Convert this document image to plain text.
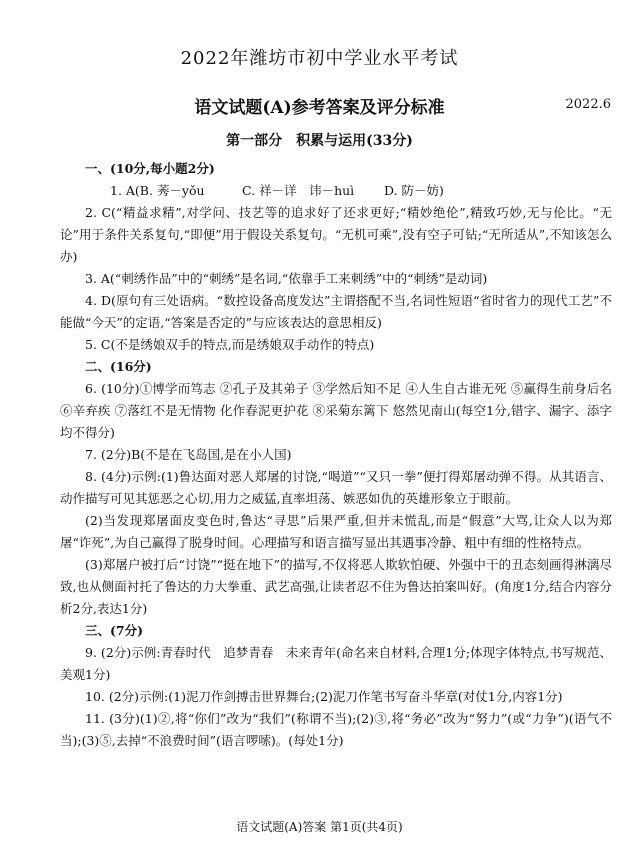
2022年潍坊市初中学业水平考试
语文试题(A)参考答案及评分标准	2022.6
第一部分　积累与运用(33分)

一、(10分,每小题2分)

1. A(B. 莠－yǒu	C. 祥－详　讳－huì D. 防－妨)

2. C(“精益求精”,对学问、技艺等的追求好了还求更好;“精妙绝伦”,精致巧妙,无与伦比。“无论”用于条件关系复句,“即便”用于假设关系复句。“无机可乘”,没有空子可钻;“无所适从”,不知该怎么办)

3. A(“刺绣作品”中的“刺绣”是名词,“依靠手工来刺绣”中的“刺绣”是动词)

4. D(原句有三处语病。“数控设备高度发达”主谓搭配不当,名词性短语“省时省力的现代工艺”不能做“今天”的定语,“答案是否定的”与应该表达的意思相反)

5. C(不是绣娘双手的特点,而是绣娘双手动作的特点)

二、(16分)

6. (10分)①博学而笃志 ②孔子及其弟子 ③学然后知不足 ④人生自古谁无死 ⑤赢得生前身后名 ⑥辛弃疾 ⑦落红不是无情物 化作春泥更护花 ⑧采菊东篱下 悠然见南山(每空1分,错字、漏字、添字均不得分)

7. (2分)B(不是在飞岛国,是在小人国)

8. (4分)示例:(1)鲁达面对恶人郑屠的讨饶,“喝道”“又只一拳”便打得郑屠动弹不得。从其语言、动作描写可见其惩恶之心切,用力之威猛,直率坦荡、嫉恶如仇的英雄形象立于眼前。

(2)当发现郑屠面皮变色时,鲁达“寻思”后果严重,但并未慌乱,而是“假意”大骂,让众人以为郑屠“诈死”,为自己赢得了脱身时间。心理描写和语言描写显出其遇事冷静、粗中有细的性格特点。

(3)郑屠户被打后“讨饶”“挺在地下”的描写,不仅将恶人欺软怕硬、外强中干的丑态刻画得淋漓尽致,也从侧面衬托了鲁达的力大拳重、武艺高强,让读者忍不住为鲁达拍案叫好。(角度1分,结合内容分析2分,表达1分)

三、(7分)

9. (2分)示例:青春时代　追梦青春　未来青年(命名来自材料,合理1分;体现字体特点,书写规范、美观1分)

10. (2分)示例:(1)泥刀作剑搏击世界舞台;(2)泥刀作笔书写奋斗华章(对仗1分,内容1分)

11. (3分)(1)②,将“你们”改为“我们”(称谓不当);(2)③,将“务必”改为“努力”(或“力争”)(语气不当);(3)⑤,去掉“不浪费时间”(语言啰嗦)。(每处1分)

语文试题(A)答案 第1页(共4页)
